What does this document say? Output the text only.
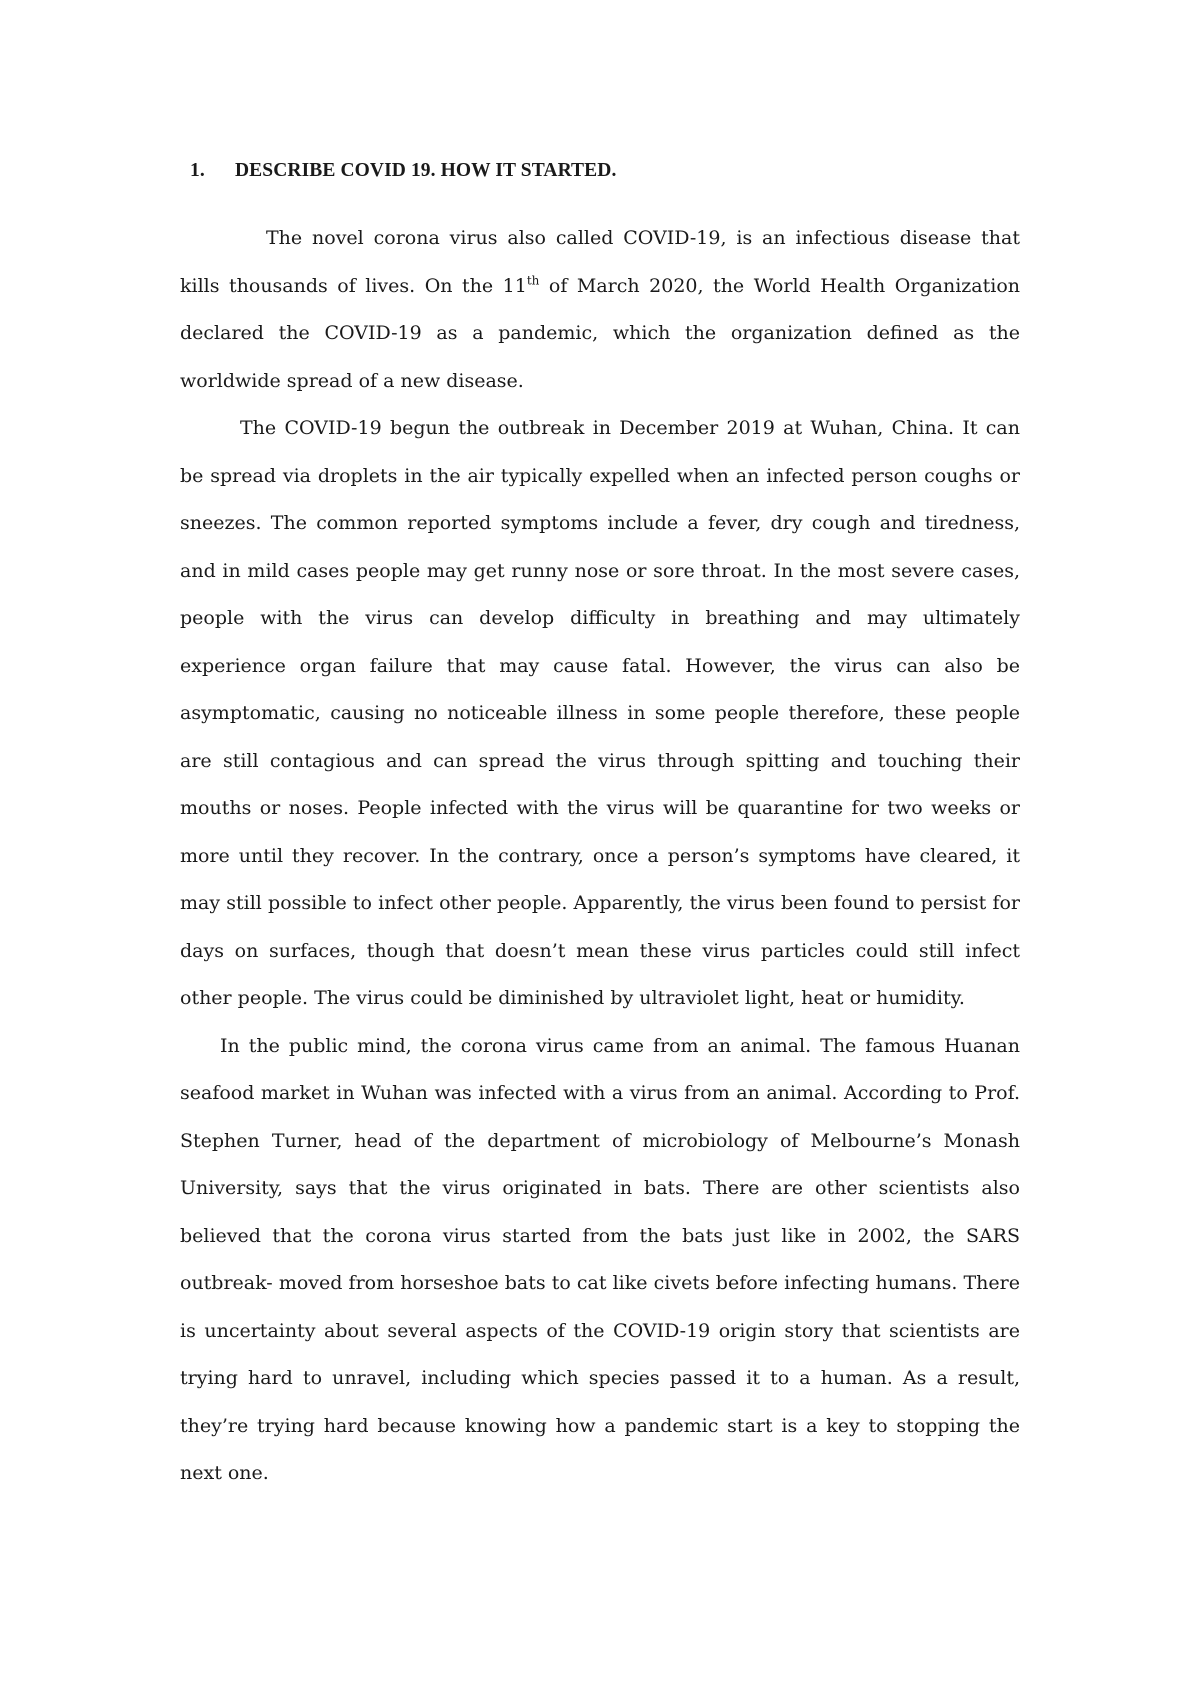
1. DESCRIBE COVID 19. HOW IT STARTED.

The novel corona virus also called COVID-19, is an infectious disease that kills thousands of lives. On the 11th of March 2020, the World Health Organization declared the COVID-19 as a pandemic, which the organization defined as the worldwide spread of a new disease.

The COVID-19 begun the outbreak in December 2019 at Wuhan, China. It can be spread via droplets in the air typically expelled when an infected person coughs or sneezes. The common reported symptoms include a fever, dry cough and tiredness, and in mild cases people may get runny nose or sore throat. In the most severe cases, people with the virus can develop difficulty in breathing and may ultimately experience organ failure that may cause fatal. However, the virus can also be asymptomatic, causing no noticeable illness in some people therefore, these people are still contagious and can spread the virus through spitting and touching their mouths or noses. People infected with the virus will be quarantine for two weeks or more until they recover. In the contrary, once a person’s symptoms have cleared, it may still possible to infect other people. Apparently, the virus been found to persist for days on surfaces, though that doesn’t mean these virus particles could still infect other people. The virus could be diminished by ultraviolet light, heat or humidity.

In the public mind, the corona virus came from an animal. The famous Huanan seafood market in Wuhan was infected with a virus from an animal. According to Prof. Stephen Turner, head of the department of microbiology of Melbourne’s Monash University, says that the virus originated in bats. There are other scientists also believed that the corona virus started from the bats just like in 2002, the SARS outbreak- moved from horseshoe bats to cat like civets before infecting humans. There is uncertainty about several aspects of the COVID-19 origin story that scientists are trying hard to unravel, including which species passed it to a human. As a result, they’re trying hard because knowing how a pandemic start is a key to stopping the next one.
